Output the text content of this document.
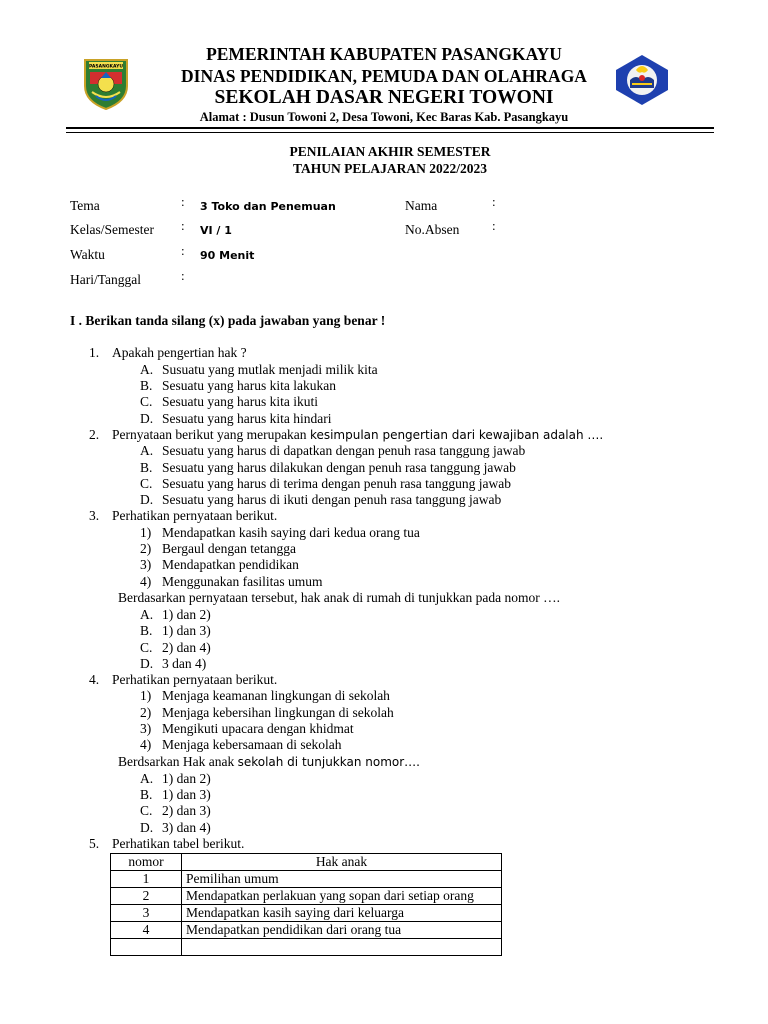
PASANGKAYU
PEMERINTAH KABUPATEN PASANGKAYU
DINAS PENDIDIKAN, PEMUDA DAN OLAHRAGA
SEKOLAH DASAR NEGERI TOWONI
Alamat : Dusun Towoni 2, Desa Towoni, Kec Baras Kab. Pasangkayu
PENILAIAN AKHIR SEMESTER
TAHUN PELAJARAN 2022/2023
Tema	: 3 Toko dan Penemuan
Kelas/Semester : VI / 1
Waktu	: 90 Menit
Hari/Tanggal	:
Nama	:
No.Absen	:
I . Berikan tanda silang (x) pada jawaban yang benar !
1. Apakah pengertian hak ?
A. Susuatu yang mutlak menjadi milik kita
B. Sesuatu yang harus kita lakukan
C. Sesuatu yang harus kita ikuti
D. Sesuatu yang harus kita hindari
2. Pernyataan berikut yang merupakan kesimpulan pengertian dari kewajiban adalah ….
A. Sesuatu yang harus di dapatkan dengan penuh rasa tanggung jawab
B. Sesuatu yang harus dilakukan dengan penuh rasa tanggung jawab
C. Sesuatu yang harus di terima dengan penuh rasa tanggung jawab
D. Sesuatu yang harus di ikuti dengan penuh rasa tanggung jawab
3. Perhatikan pernyataan berikut.
1) Mendapatkan kasih saying dari kedua orang tua
2) Bergaul dengan tetangga
3) Mendapatkan pendidikan
4) Menggunakan fasilitas umum
Berdasarkan pernyataan tersebut, hak anak di rumah di tunjukkan pada nomor ….
A. 1) dan 2)
B. 1) dan 3)
C. 2) dan 4)
D. 3 dan 4)
4. Perhatikan pernyataan berikut.
1) Menjaga keamanan lingkungan di sekolah
2) Menjaga kebersihan lingkungan di sekolah
3) Mengikuti upacara dengan khidmat
4) Menjaga kebersamaan di sekolah
Berdsarkan Hak anak sekolah di tunjukkan nomor….
A. 1) dan 2)
B. 1) dan 3)
C. 2) dan 3)
D. 3) dan 4)
5. Perhatikan tabel berikut.
nomor	Hak anak
1	Pemilihan umum
2	Mendapatkan perlakuan yang sopan dari setiap orang
3	Mendapatkan kasih saying dari keluarga
4	Mendapatkan pendidikan dari orang tua
